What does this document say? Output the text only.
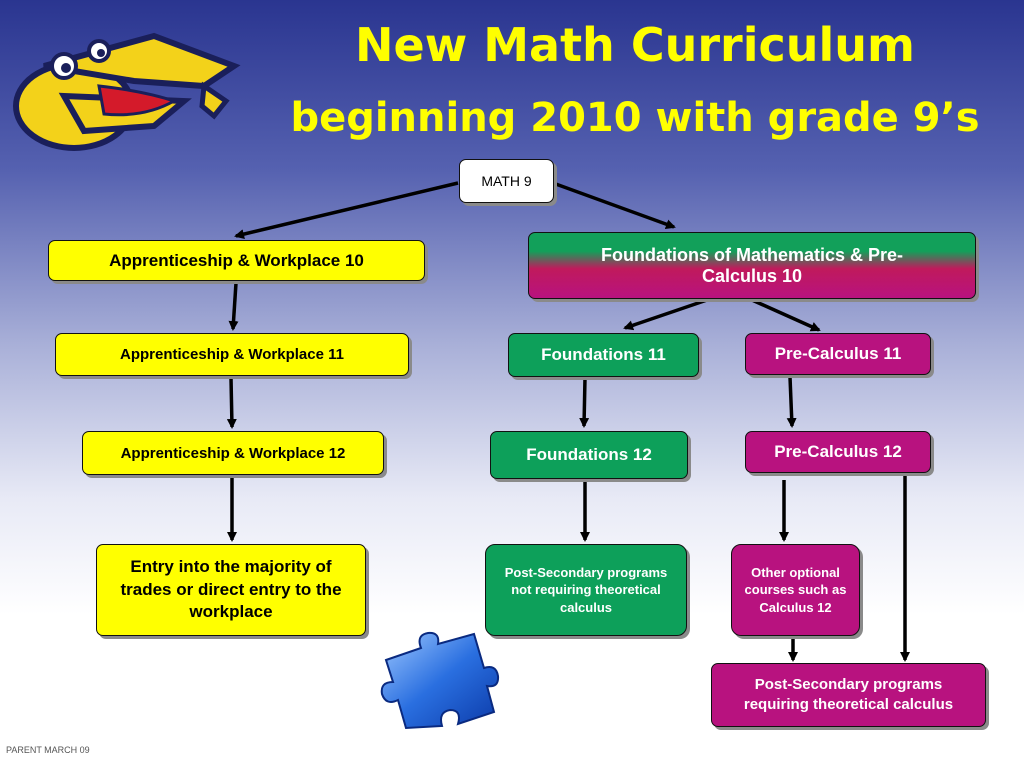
New Math Curriculum
beginning 2010 with grade 9’s
MATH 9
Apprenticeship & Workplace 10	Foundations of Mathematics & Pre-Calculus 10
Apprenticeship & Workplace 11	Foundations 11	Pre-Calculus 11
Apprenticeship & Workplace 12	Foundations 12	Pre-Calculus 12
Entry into the majority of trades or direct entry to the workplace
Post-Secondary programs not requiring theoretical calculus
Other optional courses such as Calculus 12
Post-Secondary programs requiring theoretical calculus
PARENT MARCH 09
